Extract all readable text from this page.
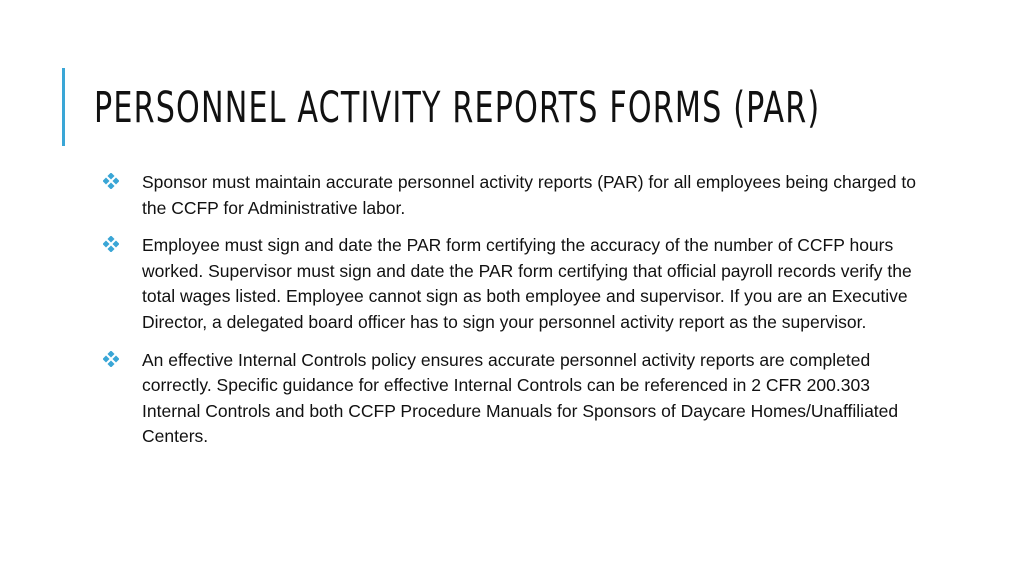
PERSONNEL ACTIVITY REPORTS FORMS (PAR)
Sponsor must maintain accurate personnel activity reports (PAR) for all employees being charged to the CCFP for Administrative labor.
Employee must sign and date the PAR form certifying the accuracy of the number of CCFP hours worked. Supervisor must sign and date the PAR form certifying that official payroll records verify the total wages listed. Employee cannot sign as both employee and supervisor. If you are an Executive Director, a delegated board officer has to sign your personnel activity report as the supervisor.
An effective Internal Controls policy ensures accurate personnel activity reports are completed correctly. Specific guidance for effective Internal Controls can be referenced in 2 CFR 200.303 Internal Controls and both CCFP Procedure Manuals for Sponsors of Daycare Homes/Unaffiliated Centers.
